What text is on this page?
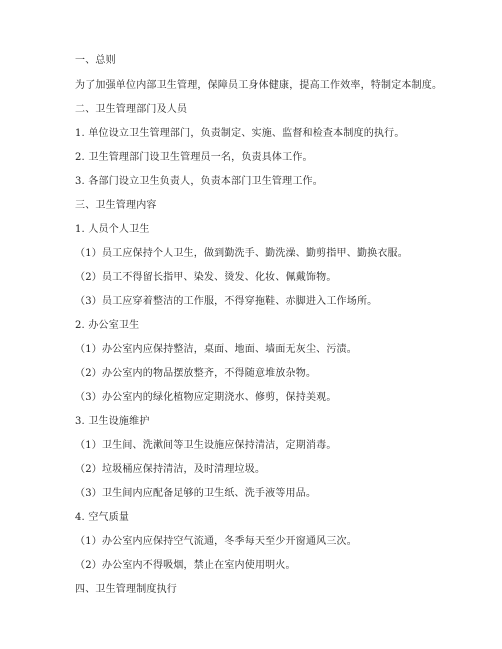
一、总则
为了加强单位内部卫生管理，保障员工身体健康，提高工作效率，特制定本制度。
二、卫生管理部门及人员
1. 单位设立卫生管理部门，负责制定、实施、监督和检查本制度的执行。
2. 卫生管理部门设卫生管理员一名，负责具体工作。
3. 各部门设立卫生负责人，负责本部门卫生管理工作。
三、卫生管理内容
1. 人员个人卫生
（1）员工应保持个人卫生，做到勤洗手、勤洗澡、勤剪指甲、勤换衣服。
（2）员工不得留长指甲、染发、烫发、化妆、佩戴饰物。
（3）员工应穿着整洁的工作服，不得穿拖鞋、赤脚进入工作场所。
2. 办公室卫生
（1）办公室内应保持整洁，桌面、地面、墙面无灰尘、污渍。
（2）办公室内的物品摆放整齐，不得随意堆放杂物。
（3）办公室内的绿化植物应定期浇水、修剪，保持美观。
3. 卫生设施维护
（1）卫生间、洗漱间等卫生设施应保持清洁，定期消毒。
（2）垃圾桶应保持清洁，及时清理垃圾。
（3）卫生间内应配备足够的卫生纸、洗手液等用品。
4. 空气质量
（1）办公室内应保持空气流通，冬季每天至少开窗通风三次。
（2）办公室内不得吸烟，禁止在室内使用明火。
四、卫生管理制度执行
